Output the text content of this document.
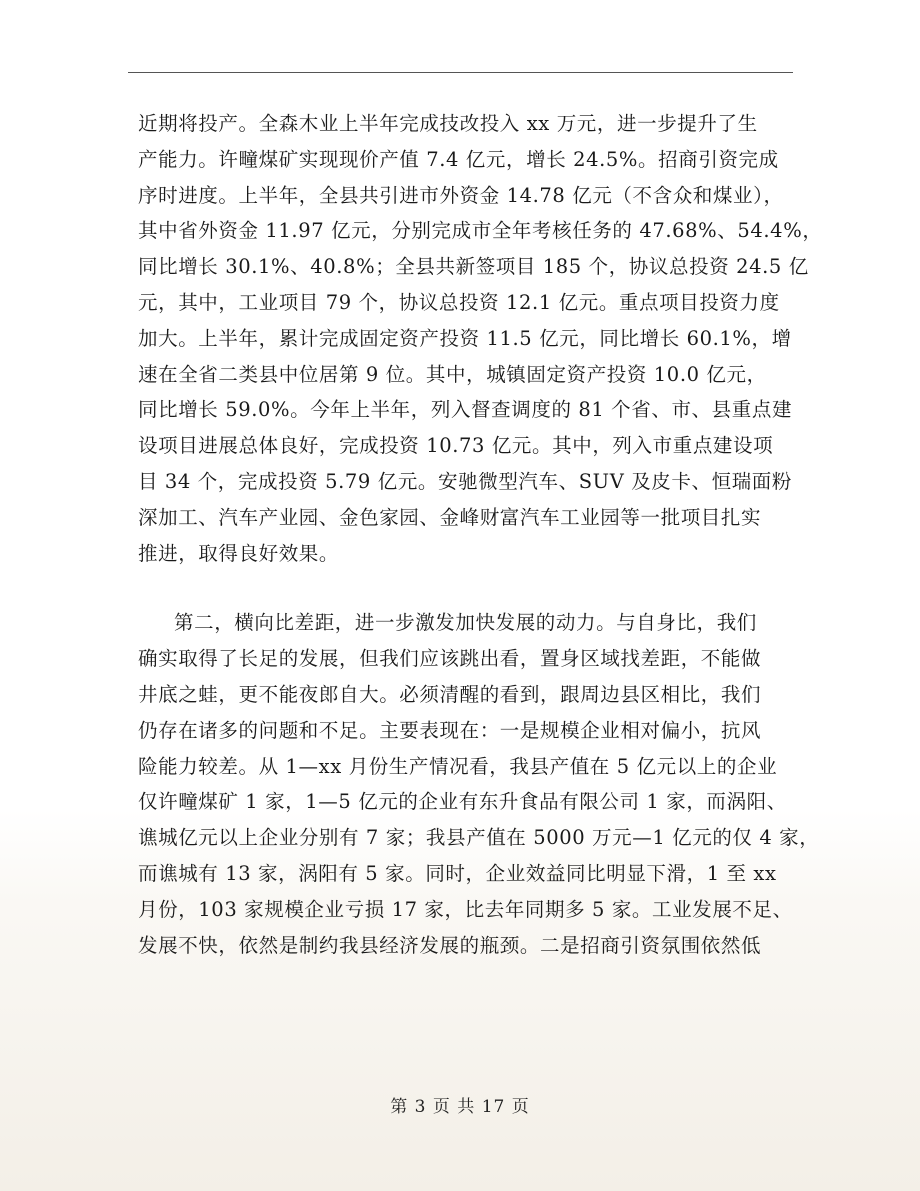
近期将投产。全森木业上半年完成技改投入 xx 万元，进一步提升了生
产能力。许疃煤矿实现现价产值 7.4 亿元，增长 24.5%。招商引资完成
序时进度。上半年，全县共引进市外资金 14.78 亿元（不含众和煤业），
其中省外资金 11.97 亿元，分别完成市全年考核任务的 47.68%、54.4%，
同比增长 30.1%、40.8%；全县共新签项目 185 个，协议总投资 24.5 亿
元，其中，工业项目 79 个，协议总投资 12.1 亿元。重点项目投资力度
加大。上半年，累计完成固定资产投资 11.5 亿元，同比增长 60.1%，增
速在全省二类县中位居第 9 位。其中，城镇固定资产投资 10.0 亿元，
同比增长 59.0%。今年上半年，列入督查调度的 81 个省、市、县重点建
设项目进展总体良好，完成投资 10.73 亿元。其中，列入市重点建设项
目 34 个，完成投资 5.79 亿元。安驰微型汽车、SUV 及皮卡、恒瑞面粉
深加工、汽车产业园、金色家园、金峰财富汽车工业园等一批项目扎实
推进，取得良好效果。
第二，横向比差距，进一步激发加快发展的动力。与自身比，我们
确实取得了长足的发展，但我们应该跳出看，置身区域找差距，不能做
井底之蛙，更不能夜郎自大。必须清醒的看到，跟周边县区相比，我们
仍存在诸多的问题和不足。主要表现在：一是规模企业相对偏小，抗风
险能力较差。从 1—xx 月份生产情况看，我县产值在 5 亿元以上的企业
仅许疃煤矿 1 家，1—5 亿元的企业有东升食品有限公司 1 家，而涡阳、
谯城亿元以上企业分别有 7 家；我县产值在 5000 万元—1 亿元的仅 4 家，
而谯城有 13 家，涡阳有 5 家。同时，企业效益同比明显下滑，1 至 xx
月份，103 家规模企业亏损 17 家，比去年同期多 5 家。工业发展不足、
发展不快，依然是制约我县经济发展的瓶颈。二是招商引资氛围依然低
第 3 页 共 17 页
